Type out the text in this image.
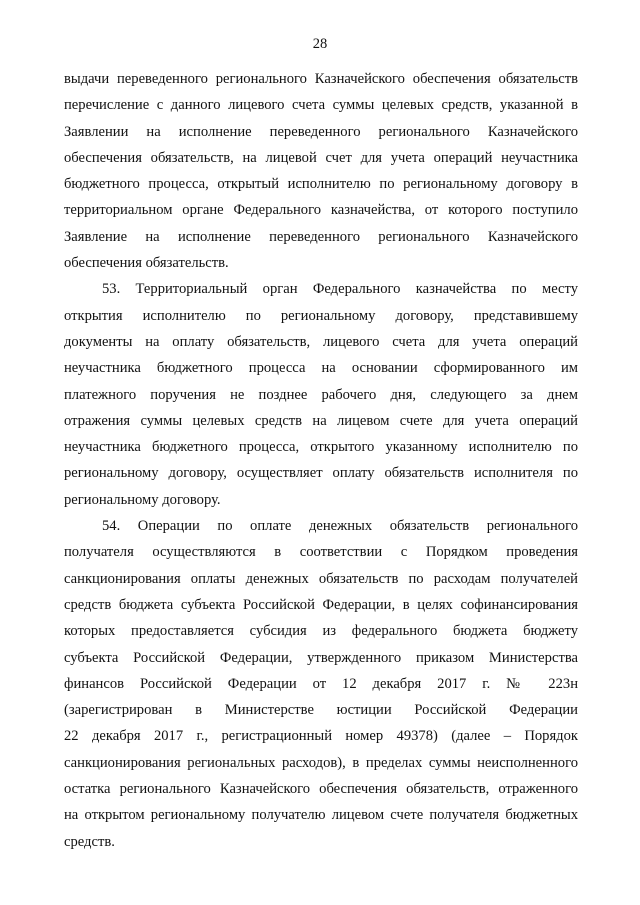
28
выдачи переведенного регионального Казначейского обеспечения обязательств
перечисление с данного лицевого счета суммы целевых средств, указанной в
Заявлении на исполнение переведенного регионального Казначейского
обеспечения обязательств, на лицевой счет для учета операций неучастника
бюджетного процесса, открытый исполнителю по региональному договору в
территориальном органе Федерального казначейства, от которого поступило
Заявление на исполнение переведенного регионального Казначейского
обеспечения обязательств.
53. Территориальный орган Федерального казначейства по месту
открытия исполнителю по региональному договору, представившему
документы на оплату обязательств, лицевого счета для учета операций
неучастника бюджетного процесса на основании сформированного им
платежного поручения не позднее рабочего дня, следующего за днем
отражения суммы целевых средств на лицевом счете для учета операций
неучастника бюджетного процесса, открытого указанному исполнителю по
региональному договору, осуществляет оплату обязательств исполнителя по
региональному договору.
54. Операции по оплате денежных обязательств регионального
получателя осуществляются в соответствии с Порядком проведения
санкционирования оплаты денежных обязательств по расходам получателей
средств бюджета субъекта Российской Федерации, в целях софинансирования
которых предоставляется субсидия из федерального бюджета бюджету
субъекта Российской Федерации, утвержденного приказом Министерства
финансов Российской Федерации от 12 декабря 2017 г. № 223н
(зарегистрирован в Министерстве юстиции Российской Федерации
22 декабря 2017 г., регистрационный номер 49378) (далее – Порядок
санкционирования региональных расходов), в пределах суммы неисполненного
остатка регионального Казначейского обеспечения обязательств, отраженного
на открытом региональному получателю лицевом счете получателя бюджетных
средств.
